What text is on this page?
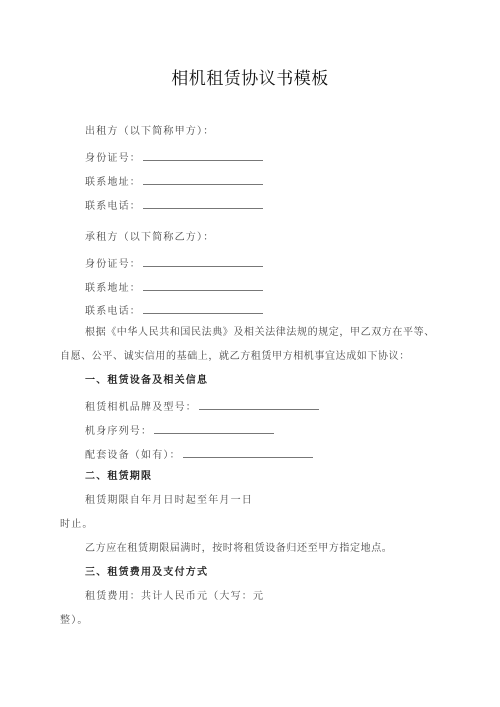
相机租赁协议书模板
出租方（以下简称甲方）：
身份证号：
联系地址：
联系电话：
承租方（以下简称乙方）：
身份证号：
联系地址：
联系电话：
根据《中华人民共和国民法典》及相关法律法规的规定，甲乙双方在平等、
自愿、公平、诚实信用的基础上，就乙方租赁甲方相机事宜达成如下协议：
一、租赁设备及相关信息
租赁相机品牌及型号：
机身序列号：
配套设备（如有）：
二、租赁期限
租赁期限自年月日时起至年月一日
时止。
乙方应在租赁期限届满时，按时将租赁设备归还至甲方指定地点。
三、租赁费用及支付方式
租赁费用：共计人民币元（大写：元
整）。
